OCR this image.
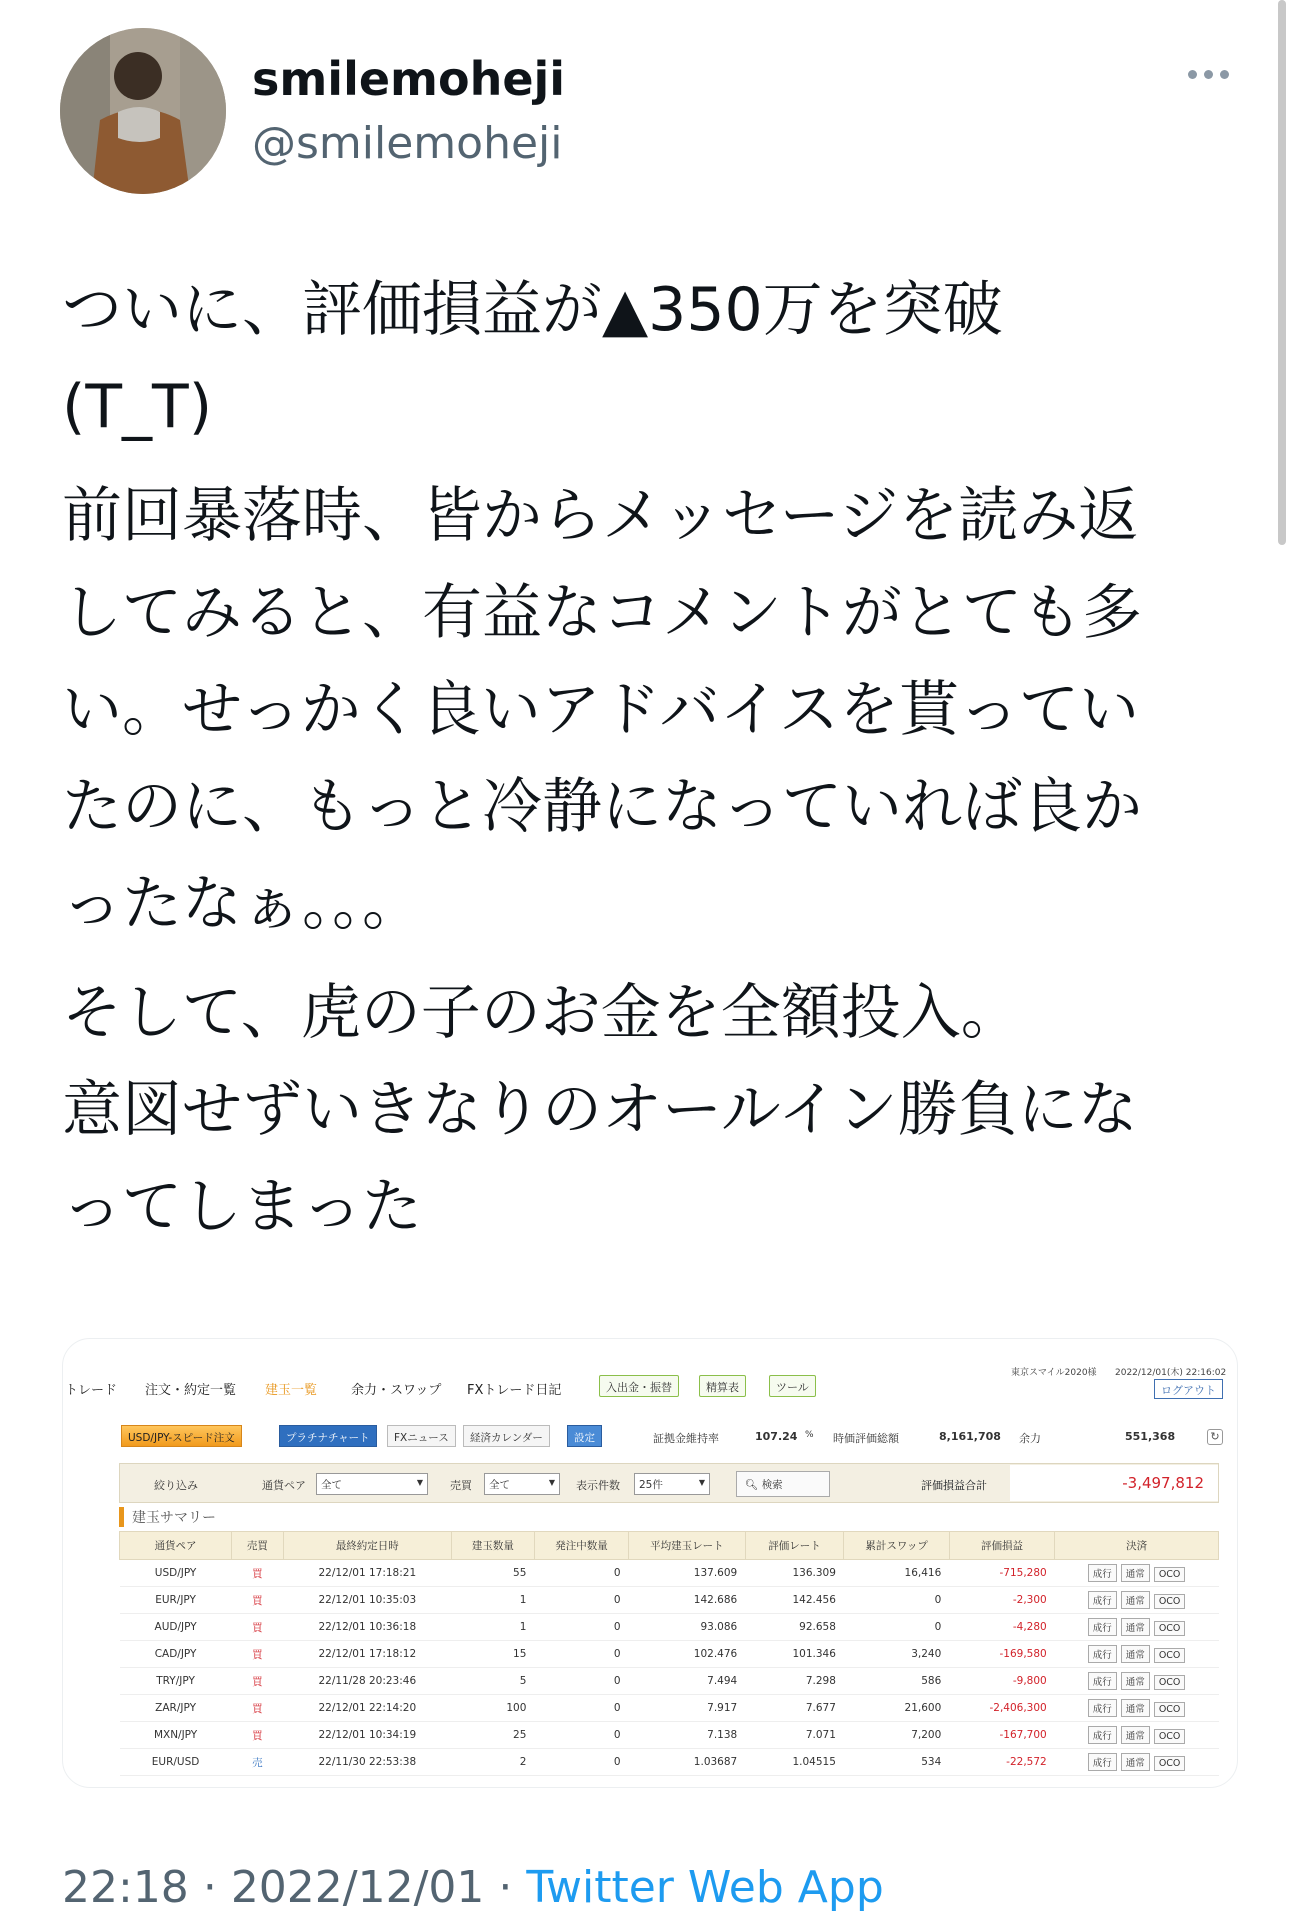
smilemoheji
@smilemoheji

ついに、評価損益が▲350万を突破
(T_T)

前回暴落時、皆からメッセージを読み返
してみると、有益なコメントがとても多
い。せっかく良いアドバイスを貰ってい
たのに、もっと冷静になっていれば良か
ったなぁ。。。

そして、虎の子のお金を全額投入。
意図せずいきなりのオールイン勝負にな
ってしまった

トレード 注文・約定一覧 建玉一覧	余力・スワップ FXトレード日記	入出金・振替	精算表	ツール
東京スマイル2020様 2022/12/01(木) 22:16:02
ログアウト
USD/JPY-スピード注文	プラチナチャート	FXニュース	経済カレンダー	設定	証拠金維持率	107.24 % 時価評価総額	8,161,708 余力	551,368	↻
絞り込み	通貨ペア	全て ▼	売買	全て ▼	表示件数	25件 ▼	🔍︎ 検索	評価損益合計	-3,497,812
建玉サマリー
通貨ペア	売買	最終約定日時	建玉数量	発注中数量	平均建玉レート	評価レート	累計スワップ	評価損益	決済
USD/JPY	買	22/12/01 17:18:21	55	0	137.609	136.309	16,416	-715,280	成行 通常 OCO
EUR/JPY	買	22/12/01 10:35:03	1	0	142.686	142.456	0	-2,300	成行 通常 OCO
AUD/JPY	買	22/12/01 10:36:18	1	0	93.086	92.658	0	-4,280	成行 通常 OCO
CAD/JPY	買	22/12/01 17:18:12	15	0	102.476	101.346	3,240	-169,580	成行 通常 OCO
TRY/JPY	買	22/11/28 20:23:46	5	0	7.494	7.298	586	-9,800	成行 通常 OCO
ZAR/JPY	買	22/12/01 22:14:20	100	0	7.917	7.677	21,600	-2,406,300	成行 通常 OCO
MXN/JPY	買	22/12/01 10:34:19	25	0	7.138	7.071	7,200	-167,700	成行 通常 OCO
EUR/USD	売	22/11/30 22:53:38	2	0	1.03687	1.04515	534	-22,572	成行 通常 OCO
22:18 · 2022/12/01 · Twitter Web App
